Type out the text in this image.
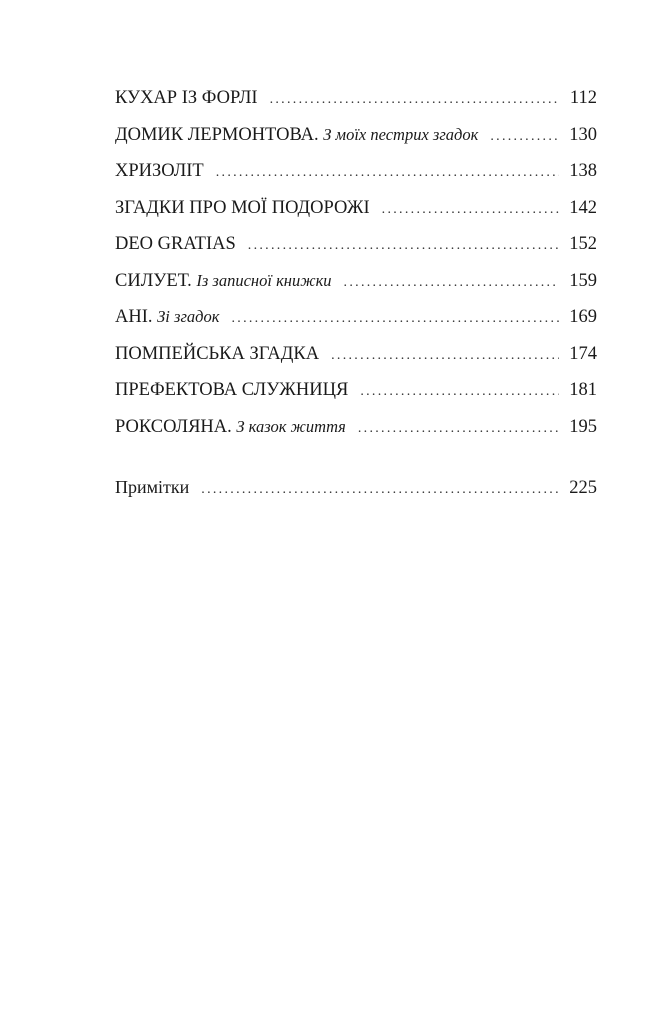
КУХАР ІЗ ФОРЛІ . . .	112
ДОМИК ЛЕРМОНТОВА. З моїх пестрих згадок . . .	130
ХРИЗОЛІТ . . .	138
ЗГАДКИ ПРО МОЇ ПОДОРОЖІ . . .	142
DEO GRATIAS . . .	152
СИЛУЕТ. Із записної книжки . . .	159
АНІ. Зі згадок . . .	169
ПОМПЕЙСЬКА ЗГАДКА . . .	174
ПРЕФЕКТОВА СЛУЖНИЦЯ . . .	181
РОКСОЛЯНА. З казок життя . . .	195
Примітки . . .	225
